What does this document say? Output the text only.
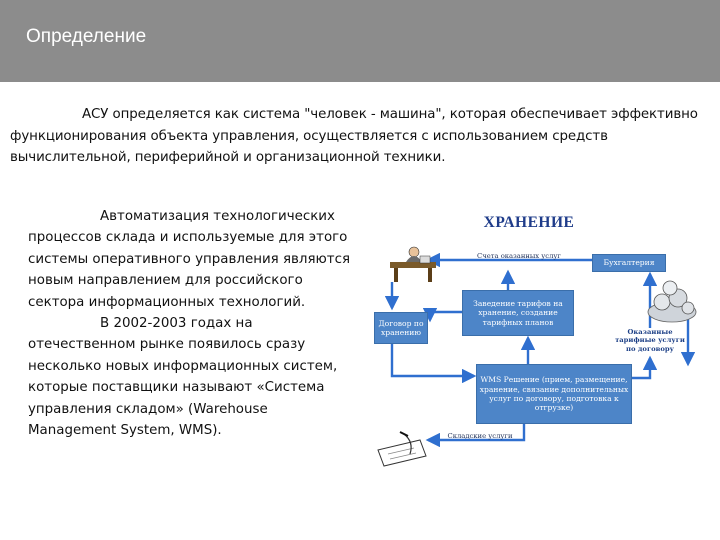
Определение
АСУ определяется как система "человек - машина", которая обеспечивает эффективно функционирования объекта управления, осуществляется с использованием средств вычислительной, периферийной и организационной техники.

Автоматизация технологических процессов склада и используемые для этого системы оперативного управления являются новым направлением для российского сектора информационных технологий.

В 2002-2003 годах на отечественном рынке появилось сразу несколько новых информационных систем, которые поставщики называют «Система управления складом» (Warehouse Management System, WMS).

ХРАНЕНИЕ
Счета оказанных услуг
Бухгалтерия
Заведение тарифов на хранение, создание тарифных планов
Договор по хранению	Оказанные тарифные услуги по договору
WMS Решение (прием, размещение, хранение, связание дополнительных услуг по договору, подготовка к отгрузке)
Складские услуги
